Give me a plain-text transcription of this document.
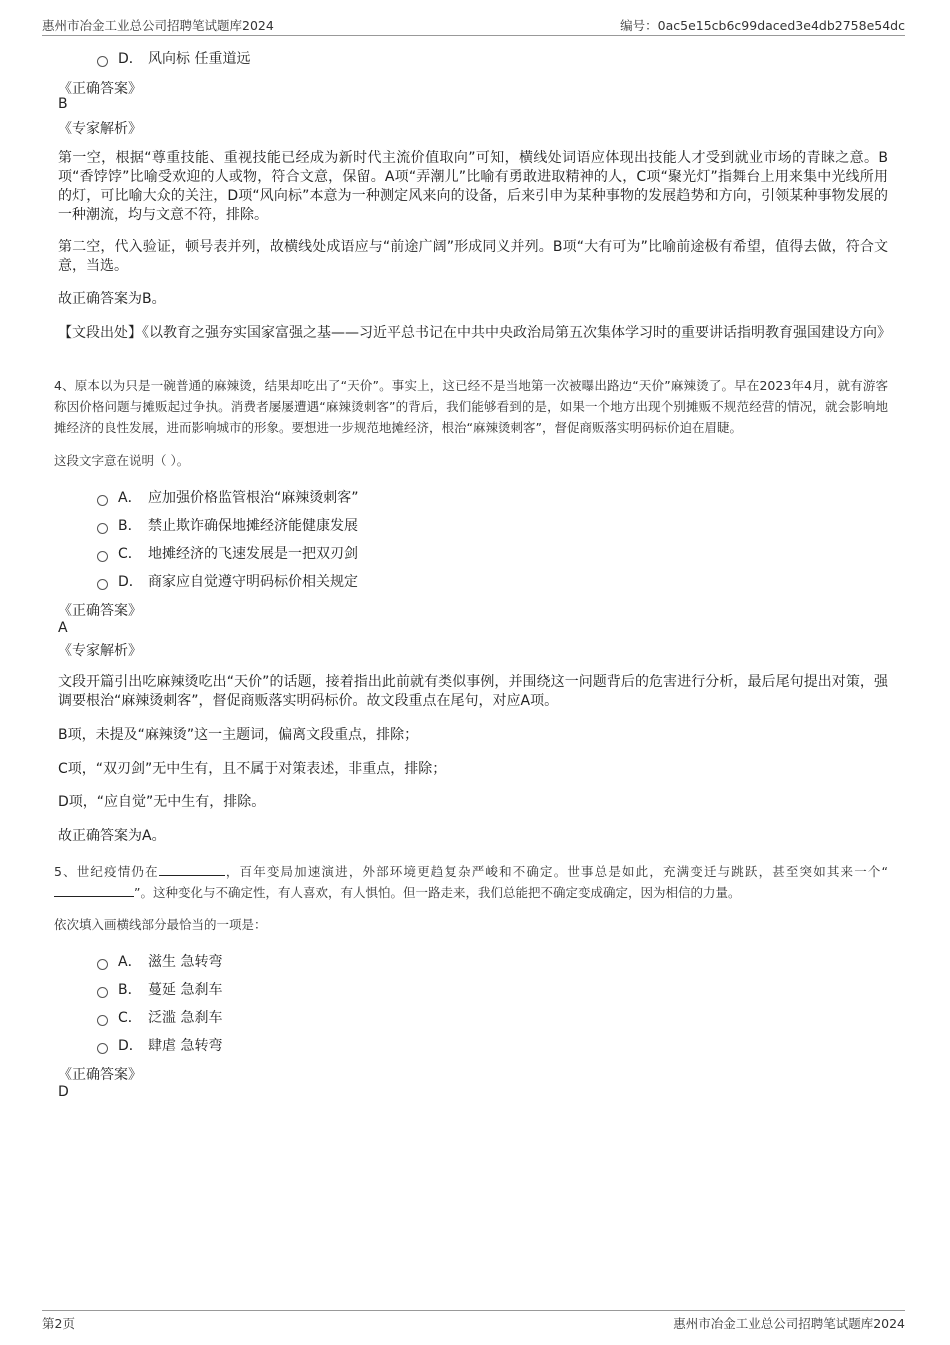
惠州市冶金工业总公司招聘笔试题库2024	编号：0ac5e15cb6c99daced3e4db2758e54dc
D． 风向标 任重道远
《正确答案》
B
《专家解析》
第一空，根据“尊重技能、重视技能已经成为新时代主流价值取向”可知，横线处词语应体现出技能人才受到就业市场的青睐之意。B项“香饽饽”比喻受欢迎的人或物，符合文意，保留。A项“弄潮儿”比喻有勇敢进取精神的人，C项“聚光灯”指舞台上用来集中光线所用的灯，可比喻大众的关注，D项“风向标”本意为一种测定风来向的设备，后来引申为某种事物的发展趋势和方向，引领某种事物发展的一种潮流，均与文意不符，排除。
第二空，代入验证，顿号表并列，故横线处成语应与“前途广阔”形成同义并列。B项“大有可为”比喻前途极有希望，值得去做，符合文意，当选。
故正确答案为B。
【文段出处】《以教育之强夯实国家富强之基——习近平总书记在中共中央政治局第五次集体学习时的重要讲话指明教育强国建设方向》
4、原本以为只是一碗普通的麻辣烫，结果却吃出了“天价”。事实上，这已经不是当地第一次被曝出路边“天价”麻辣烫了。早在2023年4月，就有游客称因价格问题与摊贩起过争执。消费者屡屡遭遇“麻辣烫刺客”的背后，我们能够看到的是，如果一个地方出现个别摊贩不规范经营的情况，就会影响地摊经济的良性发展，进而影响城市的形象。要想进一步规范地摊经济，根治“麻辣烫刺客”，督促商贩落实明码标价迫在眉睫。
这段文字意在说明（ ）。
A． 应加强价格监管根治“麻辣烫刺客”
B． 禁止欺诈确保地摊经济能健康发展
C． 地摊经济的飞速发展是一把双刃剑
D． 商家应自觉遵守明码标价相关规定
《正确答案》
A
《专家解析》
文段开篇引出吃麻辣烫吃出“天价”的话题，接着指出此前就有类似事例，并围绕这一问题背后的危害进行分析，最后尾句提出对策，强调要根治“麻辣烫刺客”，督促商贩落实明码标价。故文段重点在尾句，对应A项。
B项，未提及“麻辣烫”这一主题词，偏离文段重点，排除；
C项，“双刃剑”无中生有，且不属于对策表述，非重点，排除；
D项，“应自觉”无中生有，排除。
故正确答案为A。
5、世纪疫情仍在	，百年变局加速演进，外部环境更趋复杂严峻和不确定。世事总是如此，充满变迁与跳跃，甚至突如其来一个“”。这种变化与不确定性，有人喜欢，有人惧怕。但一路走来，我们总能把不确定变成确定，因为相信的力量。
依次填入画横线部分最恰当的一项是：
A． 滋生 急转弯
B． 蔓延 急刹车
C． 泛滥 急刹车
D． 肆虐 急转弯
《正确答案》
D
第2页	惠州市冶金工业总公司招聘笔试题库2024
